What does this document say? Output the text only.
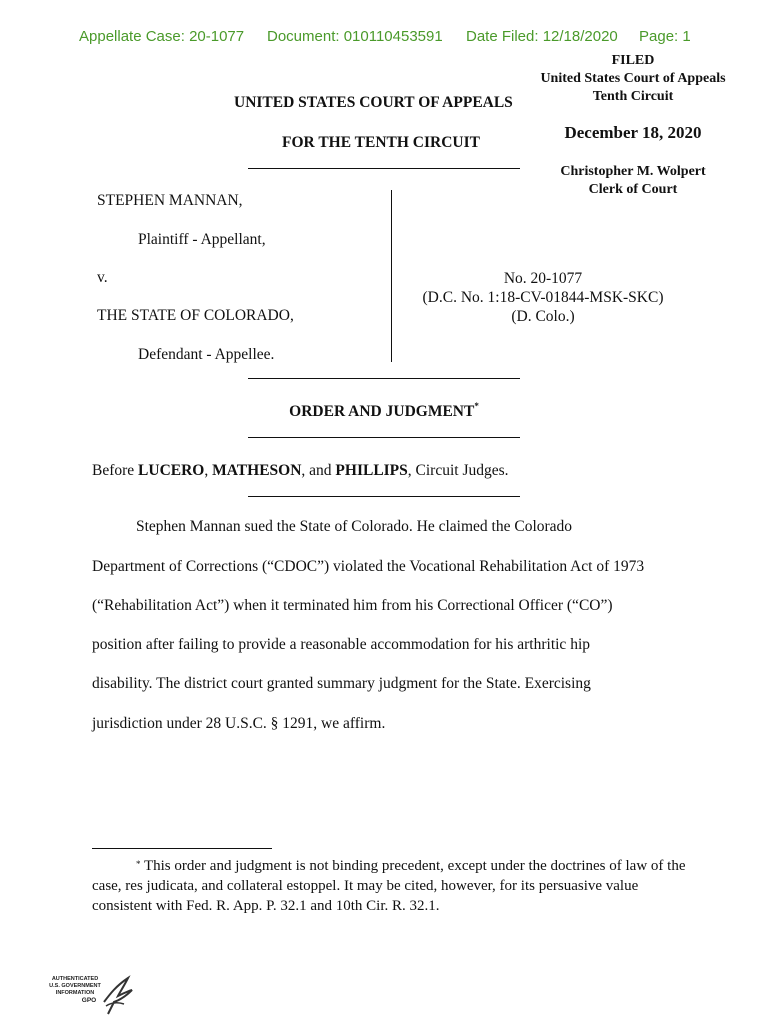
Appellate Case: 20-1077 Document: 010110453591 Date Filed: 12/18/2020 Page: 1
FILED
United States Court of Appeals
Tenth Circuit
December 18, 2020
Christopher M. Wolpert
Clerk of Court
UNITED STATES COURT OF APPEALS
FOR THE TENTH CIRCUIT
STEPHEN MANNAN,
Plaintiff - Appellant,
v.
THE STATE OF COLORADO,
Defendant - Appellee.
No. 20-1077
(D.C. No. 1:18-CV-01844-MSK-SKC)
(D. Colo.)
ORDER AND JUDGMENT*
Before LUCERO, MATHESON, and PHILLIPS, Circuit Judges.
Stephen Mannan sued the State of Colorado. He claimed the Colorado
Department of Corrections (“CDOC”) violated the Vocational Rehabilitation Act of 1973
(“Rehabilitation Act”) when it terminated him from his Correctional Officer (“CO”)
position after failing to provide a reasonable accommodation for his arthritic hip
disability. The district court granted summary judgment for the State. Exercising
jurisdiction under 28 U.S.C. § 1291, we affirm.
* This order and judgment is not binding precedent, except under the doctrines of law of the case, res judicata, and collateral estoppel. It may be cited, however, for its persuasive value consistent with Fed. R. App. P. 32.1 and 10th Cir. R. 32.1.
AUTHENTICATED
U.S. GOVERNMENT
INFORMATION
GPO
